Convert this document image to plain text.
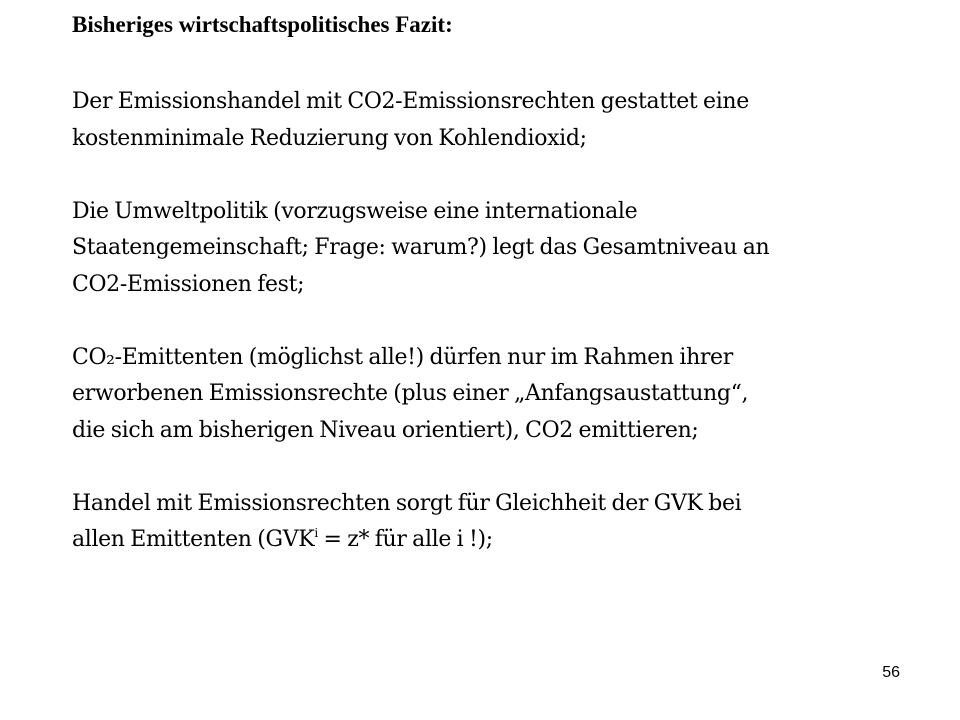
Bisheriges wirtschaftspolitisches Fazit:

Der Emissionshandel mit CO2-Emissionsrechten gestattet eine
kostenminimale Reduzierung von Kohlendioxid;

Die Umweltpolitik (vorzugsweise eine internationale
Staatengemeinschaft; Frage: warum?) legt das Gesamtniveau an
CO2-Emissionen fest;

CO₂-Emittenten (möglichst alle!) dürfen nur im Rahmen ihrer
erworbenen Emissionsrechte (plus einer „Anfangsaustattung“,
die sich am bisherigen Niveau orientiert), CO2 emittieren;

Handel mit Emissionsrechten sorgt für Gleichheit der GVK bei
allen Emittenten ($GVK^i = z*$ für alle i !);

56
